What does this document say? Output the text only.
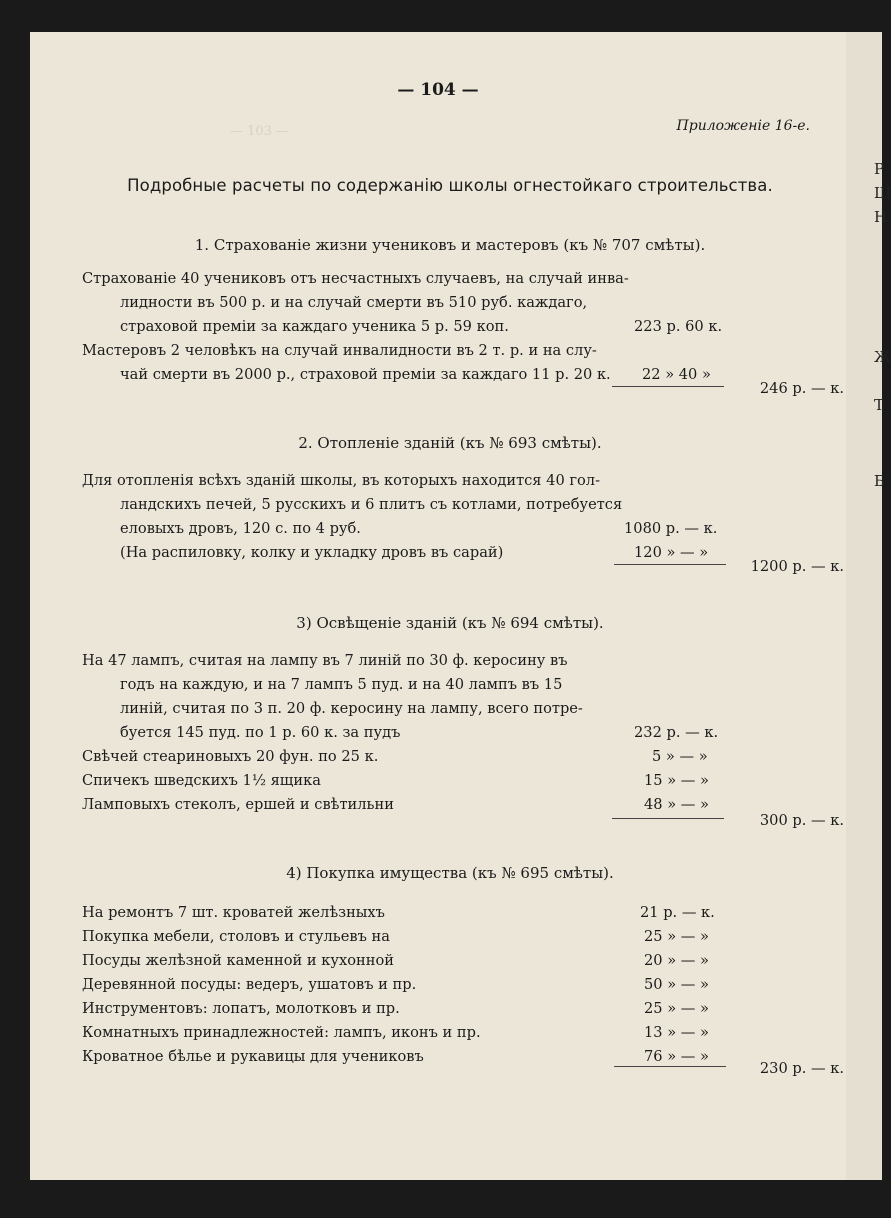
— 103 —
— 104 —
Приложенiе 16-е.
Подробные расчеты по содержанiю школы огнестойкаго строительства.
1. Страхованiе жизни учениковъ и мастеровъ (къ № 707 смѣты).
Страхованiе 40 учениковъ отъ несчастныхъ случаевъ, на случай инва-
лидности въ 500 р. и на случай смерти въ 510 руб. каждаго,
страховой премiи за каждаго ученика 5 р. 59 коп.	223 р. 60 к.
Мастеровъ 2 человѣкъ на случай инвалидности въ 2 т. р. и на слу-
чай смерти въ 2000 р., страховой премiи за каждаго 11 р. 20 к.	22 » 40 »
246 р. — к.
2. Отопленiе зданiй (къ № 693 смѣты).
Для отопленiя всѣхъ зданiй школы, въ которыхъ находится 40 гол-
ландскихъ печей, 5 русскихъ и 6 плитъ съ котлами, потребуется
еловыхъ дровъ, 120 с. по 4 руб.	1080 р. — к.
(На распиловку, колку и укладку дровъ въ сарай)	120 » — »
1200 р. — к.
3) Освѣщенiе зданiй (къ № 694 смѣты).
На 47 лампъ, считая на лампу въ 7 линiй по 30 ф. керосину въ
годъ на каждую, и на 7 лампъ 5 пуд. и на 40 лампъ въ 15
линiй, считая по 3 п. 20 ф. керосину на лампу, всего потре-
буется 145 пуд. по 1 р. 60 к. за пудъ	232 р. — к.
Свѣчей стеариновыхъ 20 фун. по 25 к.	5 » — »
Спичекъ шведскихъ 1½ ящика	15 » — »
Ламповыхъ стеколъ, ершей и свѣтильни	48 » — »
300 р. — к.
4) Покупка имущества (къ № 695 смѣты).
На ремонтъ 7 шт. кроватей желѣзныхъ	21 р. — к.
Покупка мебели, столовъ и стульевъ на	25 » — »
Посуды желѣзной каменной и кухонной	20 » — »
Деревянной посуды: ведеръ, ушатовъ и пр.	50 » — »
Инструментовъ: лопатъ, молотковъ и пр.	25 » — »
Комнатныхъ принадлежностей: лампъ, иконъ и пр.	13 » — »
Кроватное бѣлье и рукавицы для учениковъ	76 » — »
230 р. — к.
Р
Ш
Н
Ж
Т
Б
